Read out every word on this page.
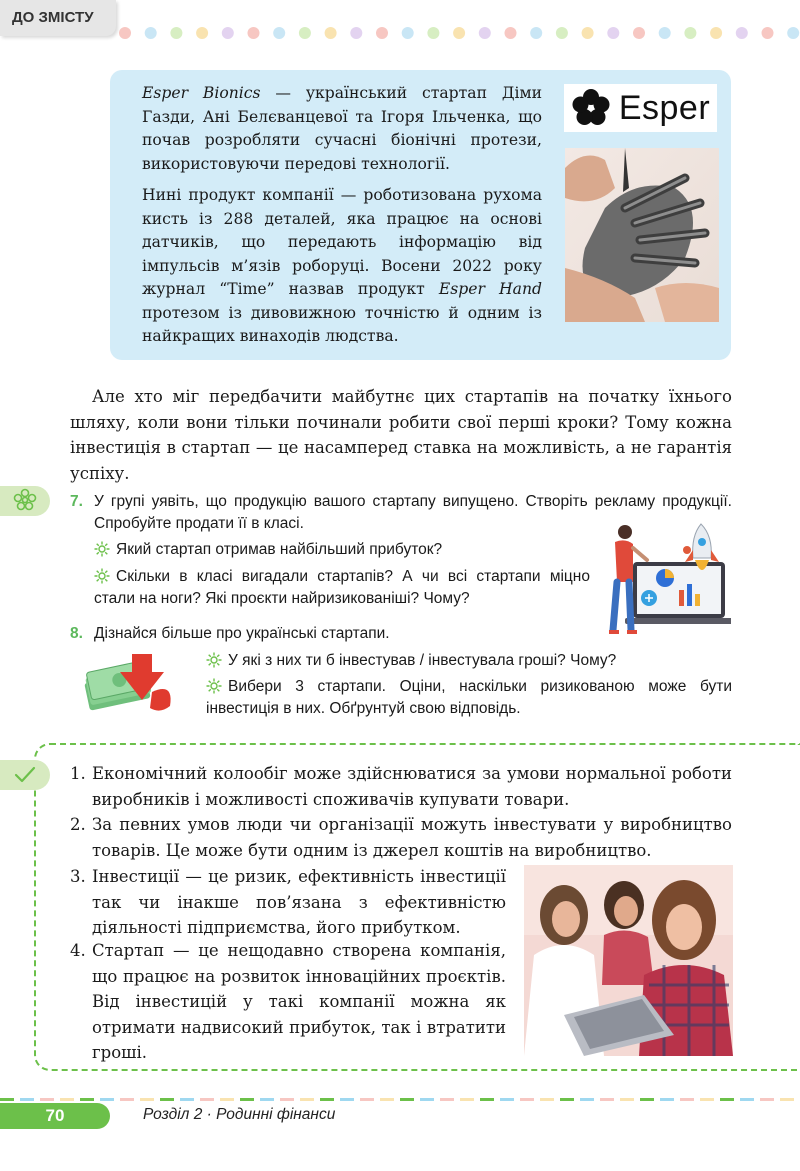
ДО ЗМІСТУ

Esper Bionics — український стартап Діми Газди, Ані Белєванцевої та Ігоря Ільченка, що почав розробляти сучасні біонічні протези, використовуючи передові технології.

Нині продукт компанії — роботизована рухома кисть із 288 деталей, яка працює на основі датчиків, що передають інформацію від імпульсів м’язів роборуці. Восени 2022 року журнал “Time” назвав продукт Esper Hand протезом із дивовижною точністю й одним із найкращих винаходів людства.

Esper

Але хто міг передбачити майбутнє цих стартапів на початку їхнього шляху, коли вони тільки починали робити свої перші кроки? Тому кожна інвестиція в стартап — це насамперед ставка на можливість, а не гарантія успіху.

7. У групі уявіть, що продукцію вашого стартапу випущено. Створіть рекламу продукції. Спробуйте продати її в класі.
Який стартап отримав найбільший прибуток?
Скільки в класі вигадали стартапів? А чи всі стартапи міцно стали на ноги? Які проєкти найризикованіші? Чому?
8. Дізнайся більше про українські стартапи.
У які з них ти б інвестував / інвестувала гроші? Чому?
Вибери 3 стартапи. Оціни, наскільки ризикованою може бути інвестиція в них. Обґрунтуй свою відповідь.
1. Економічний колообіг може здійснюватися за умови нормальної роботи виробників і можливості споживачів купувати товари.

2. За певних умов люди чи організації можуть інвестувати у виробництво товарів. Це може бути одним із джерел коштів на виробництво.

3. Інвестиції — це ризик, ефективність інвестиції так чи інакше пов’язана з ефективністю діяльності підприємства, його прибутком.

4. Стартап — це нещодавно створена компанія, що працює на розвиток інноваційних проєктів. Від інвестицій у такі компанії можна як отримати надвисокий прибуток, так і втратити гроші.

70	Розділ 2 · Родинні фінанси
